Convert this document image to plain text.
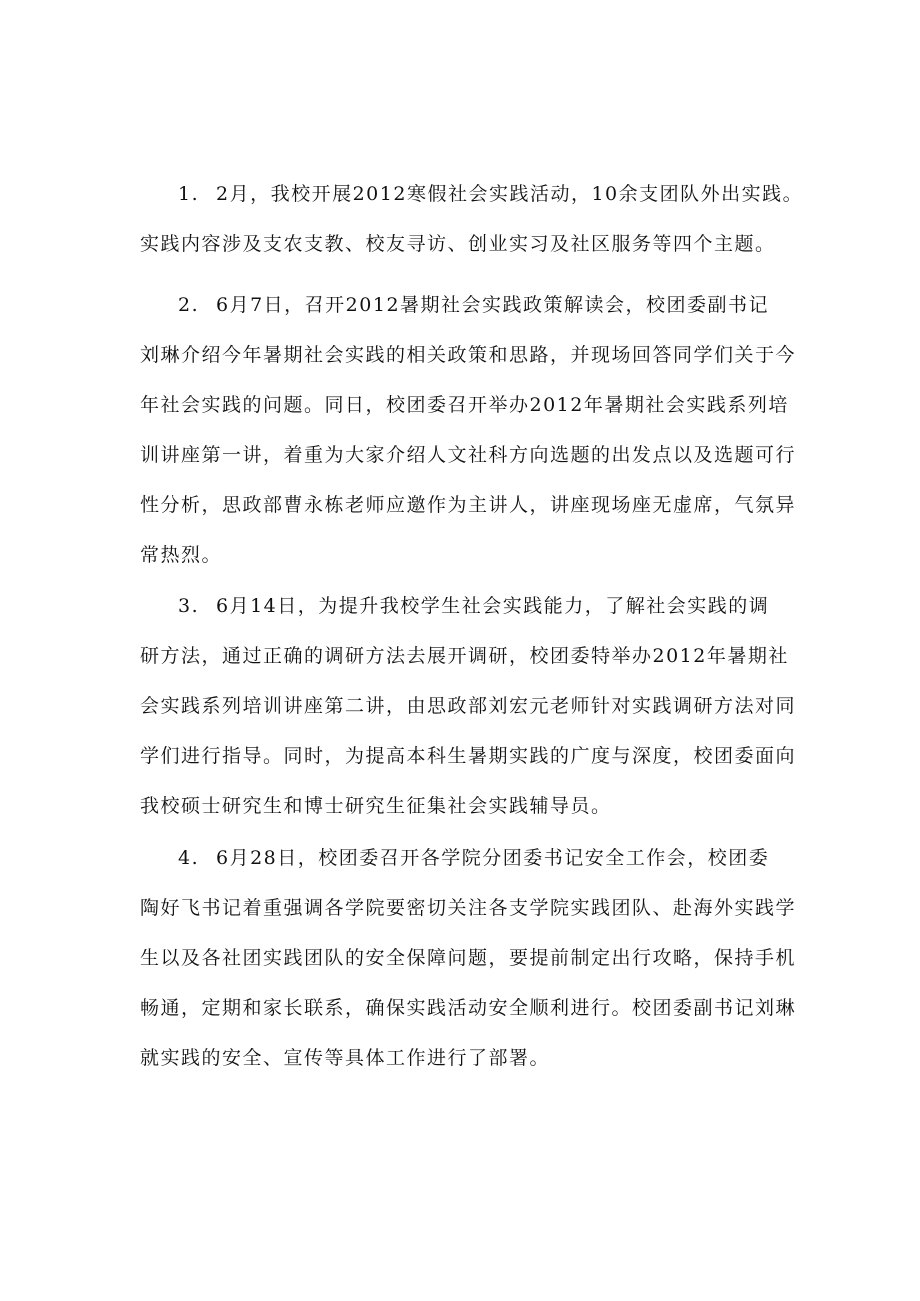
1. 2月，我校开展2012寒假社会实践活动，10余支团队外出实践。
实践内容涉及支农支教、校友寻访、创业实习及社区服务等四个主题。
2. 6月7日，召开2012暑期社会实践政策解读会，校团委副书记
刘琳介绍今年暑期社会实践的相关政策和思路，并现场回答同学们关于今
年社会实践的问题。同日，校团委召开举办2012年暑期社会实践系列培
训讲座第一讲，着重为大家介绍人文社科方向选题的出发点以及选题可行
性分析，思政部曹永栋老师应邀作为主讲人，讲座现场座无虚席，气氛异
常热烈。
3. 6月14日，为提升我校学生社会实践能力，了解社会实践的调
研方法，通过正确的调研方法去展开调研，校团委特举办2012年暑期社
会实践系列培训讲座第二讲，由思政部刘宏元老师针对实践调研方法对同
学们进行指导。同时，为提高本科生暑期实践的广度与深度，校团委面向
我校硕士研究生和博士研究生征集社会实践辅导员。
4. 6月28日，校团委召开各学院分团委书记安全工作会，校团委
陶好飞书记着重强调各学院要密切关注各支学院实践团队、赴海外实践学
生以及各社团实践团队的安全保障问题，要提前制定出行攻略，保持手机
畅通，定期和家长联系，确保实践活动安全顺利进行。校团委副书记刘琳
就实践的安全、宣传等具体工作进行了部署。
